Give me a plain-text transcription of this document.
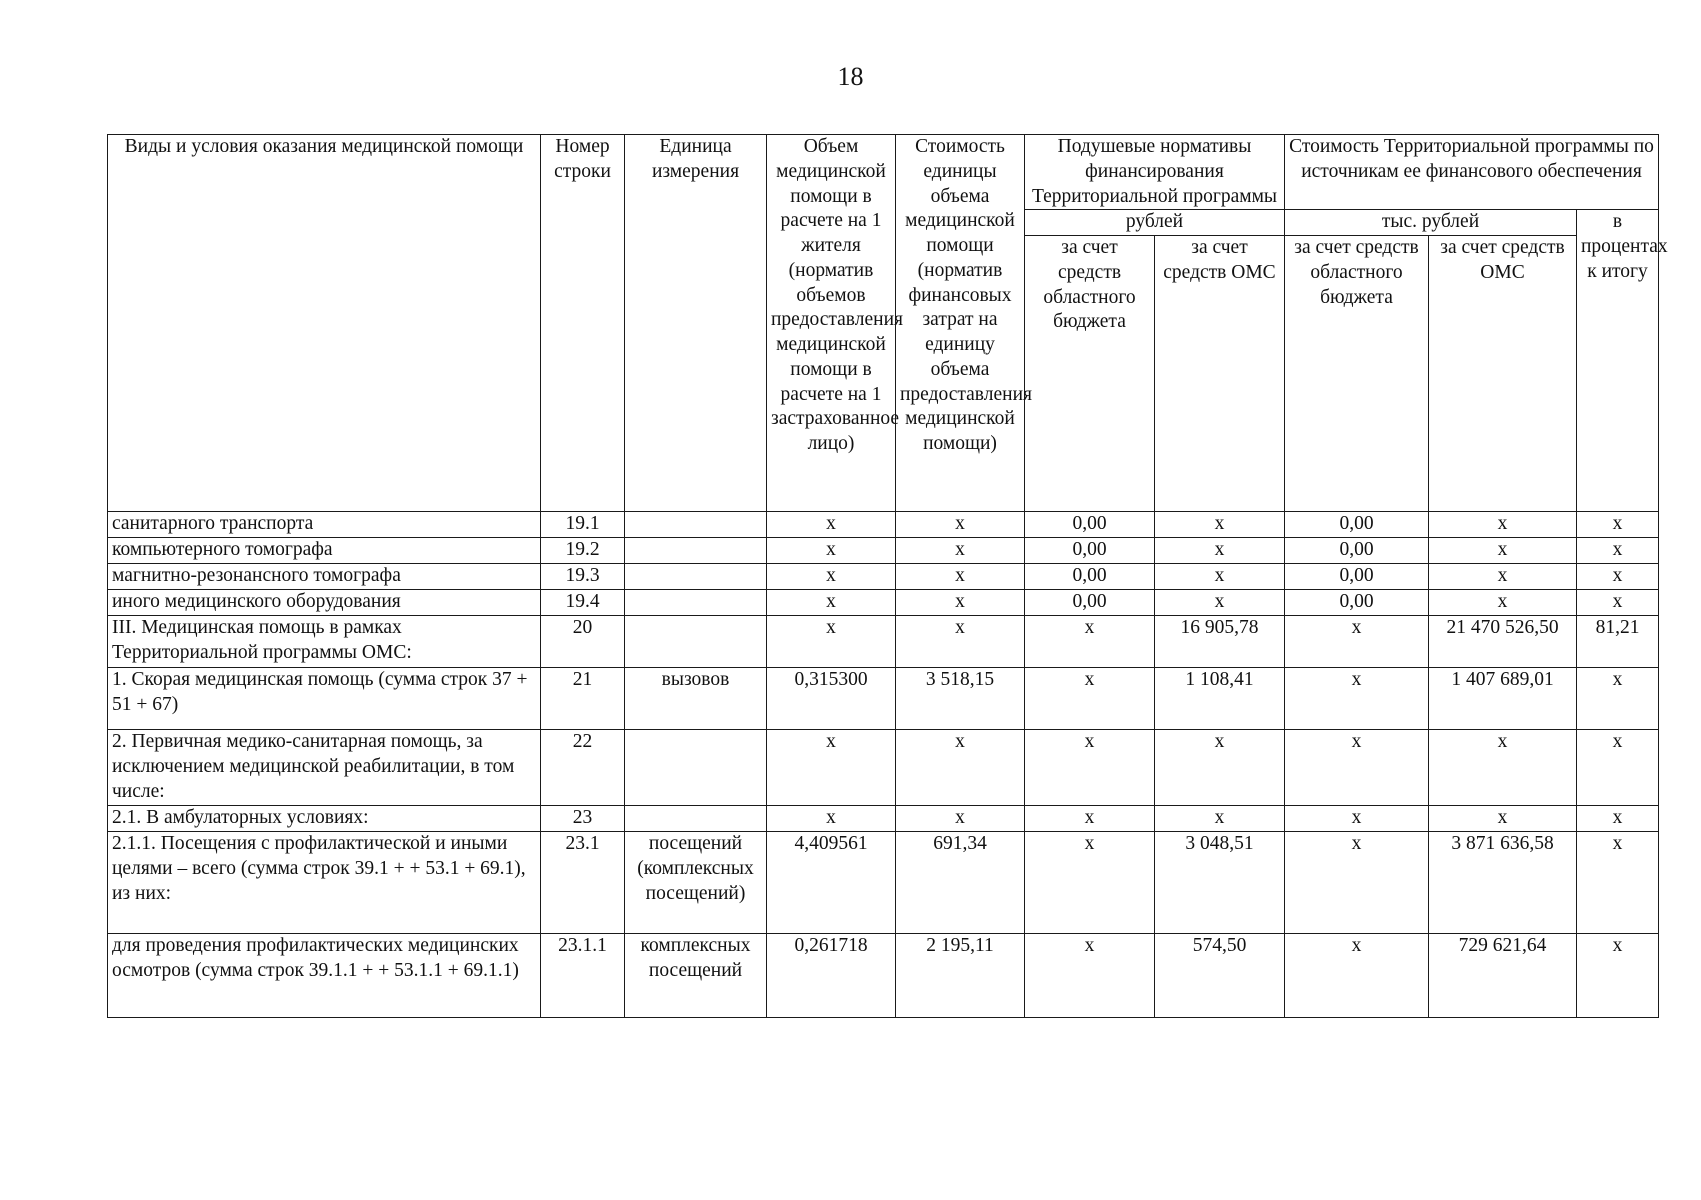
18
Виды и условия оказания медицинской помощи	Номер строки	Единица измерения	Объем медицинской помощи в расчете на 1 жителя (норматив объемов предоставления медицинской помощи в расчете на 1 застрахованное лицо)	Стоимость единицы объема медицинской помощи (норматив финансовых затрат на единицу объема предоставления медицинской помощи)	Подушевые нормативы финансирования Территориальной программы		Стоимость Территориальной программы по источникам ее финансового обеспечения		
					рублей		тыс. рублей		в процентах к итогу
					за счет средств областного бюджета	за счет средств ОМС	за счет средств областного бюджета	за счет средств ОМС	
санитарного транспорта	19.1		х	х	0,00	х	0,00	х	х
компьютерного томографа	19.2		х	х	0,00	х	0,00	х	х
магнитно-резонансного томографа	19.3		х	х	0,00	х	0,00	х	х
иного медицинского оборудования	19.4		х	х	0,00	х	0,00	х	х
III. Медицинская помощь в рамках Территориальной программы ОМС:	20		х	х	х	16 905,78	х	21 470 526,50	81,21
1. Скорая медицинская помощь (сумма строк 37 + 51 + 67)	21	вызовов	0,315300	3 518,15	х	1 108,41	х	1 407 689,01	х
2. Первичная медико-санитарная помощь, за исключением медицинской реабилитации, в том числе:	22		х	х	х	х	х	х	х
2.1. В амбулаторных условиях:	23		х	х	х	х	х	х	х
2.1.1. Посещения с профилактической и иными целями – всего (сумма строк 39.1 + + 53.1 + 69.1), из них:	23.1	посещений (комплексных посещений)	4,409561	691,34	х	3 048,51	х	3 871 636,58	х
для проведения профилактических медицинских осмотров (сумма строк 39.1.1 + + 53.1.1 + 69.1.1)	23.1.1	комплексных посещений	0,261718	2 195,11	х	574,50	х	729 621,64	х
